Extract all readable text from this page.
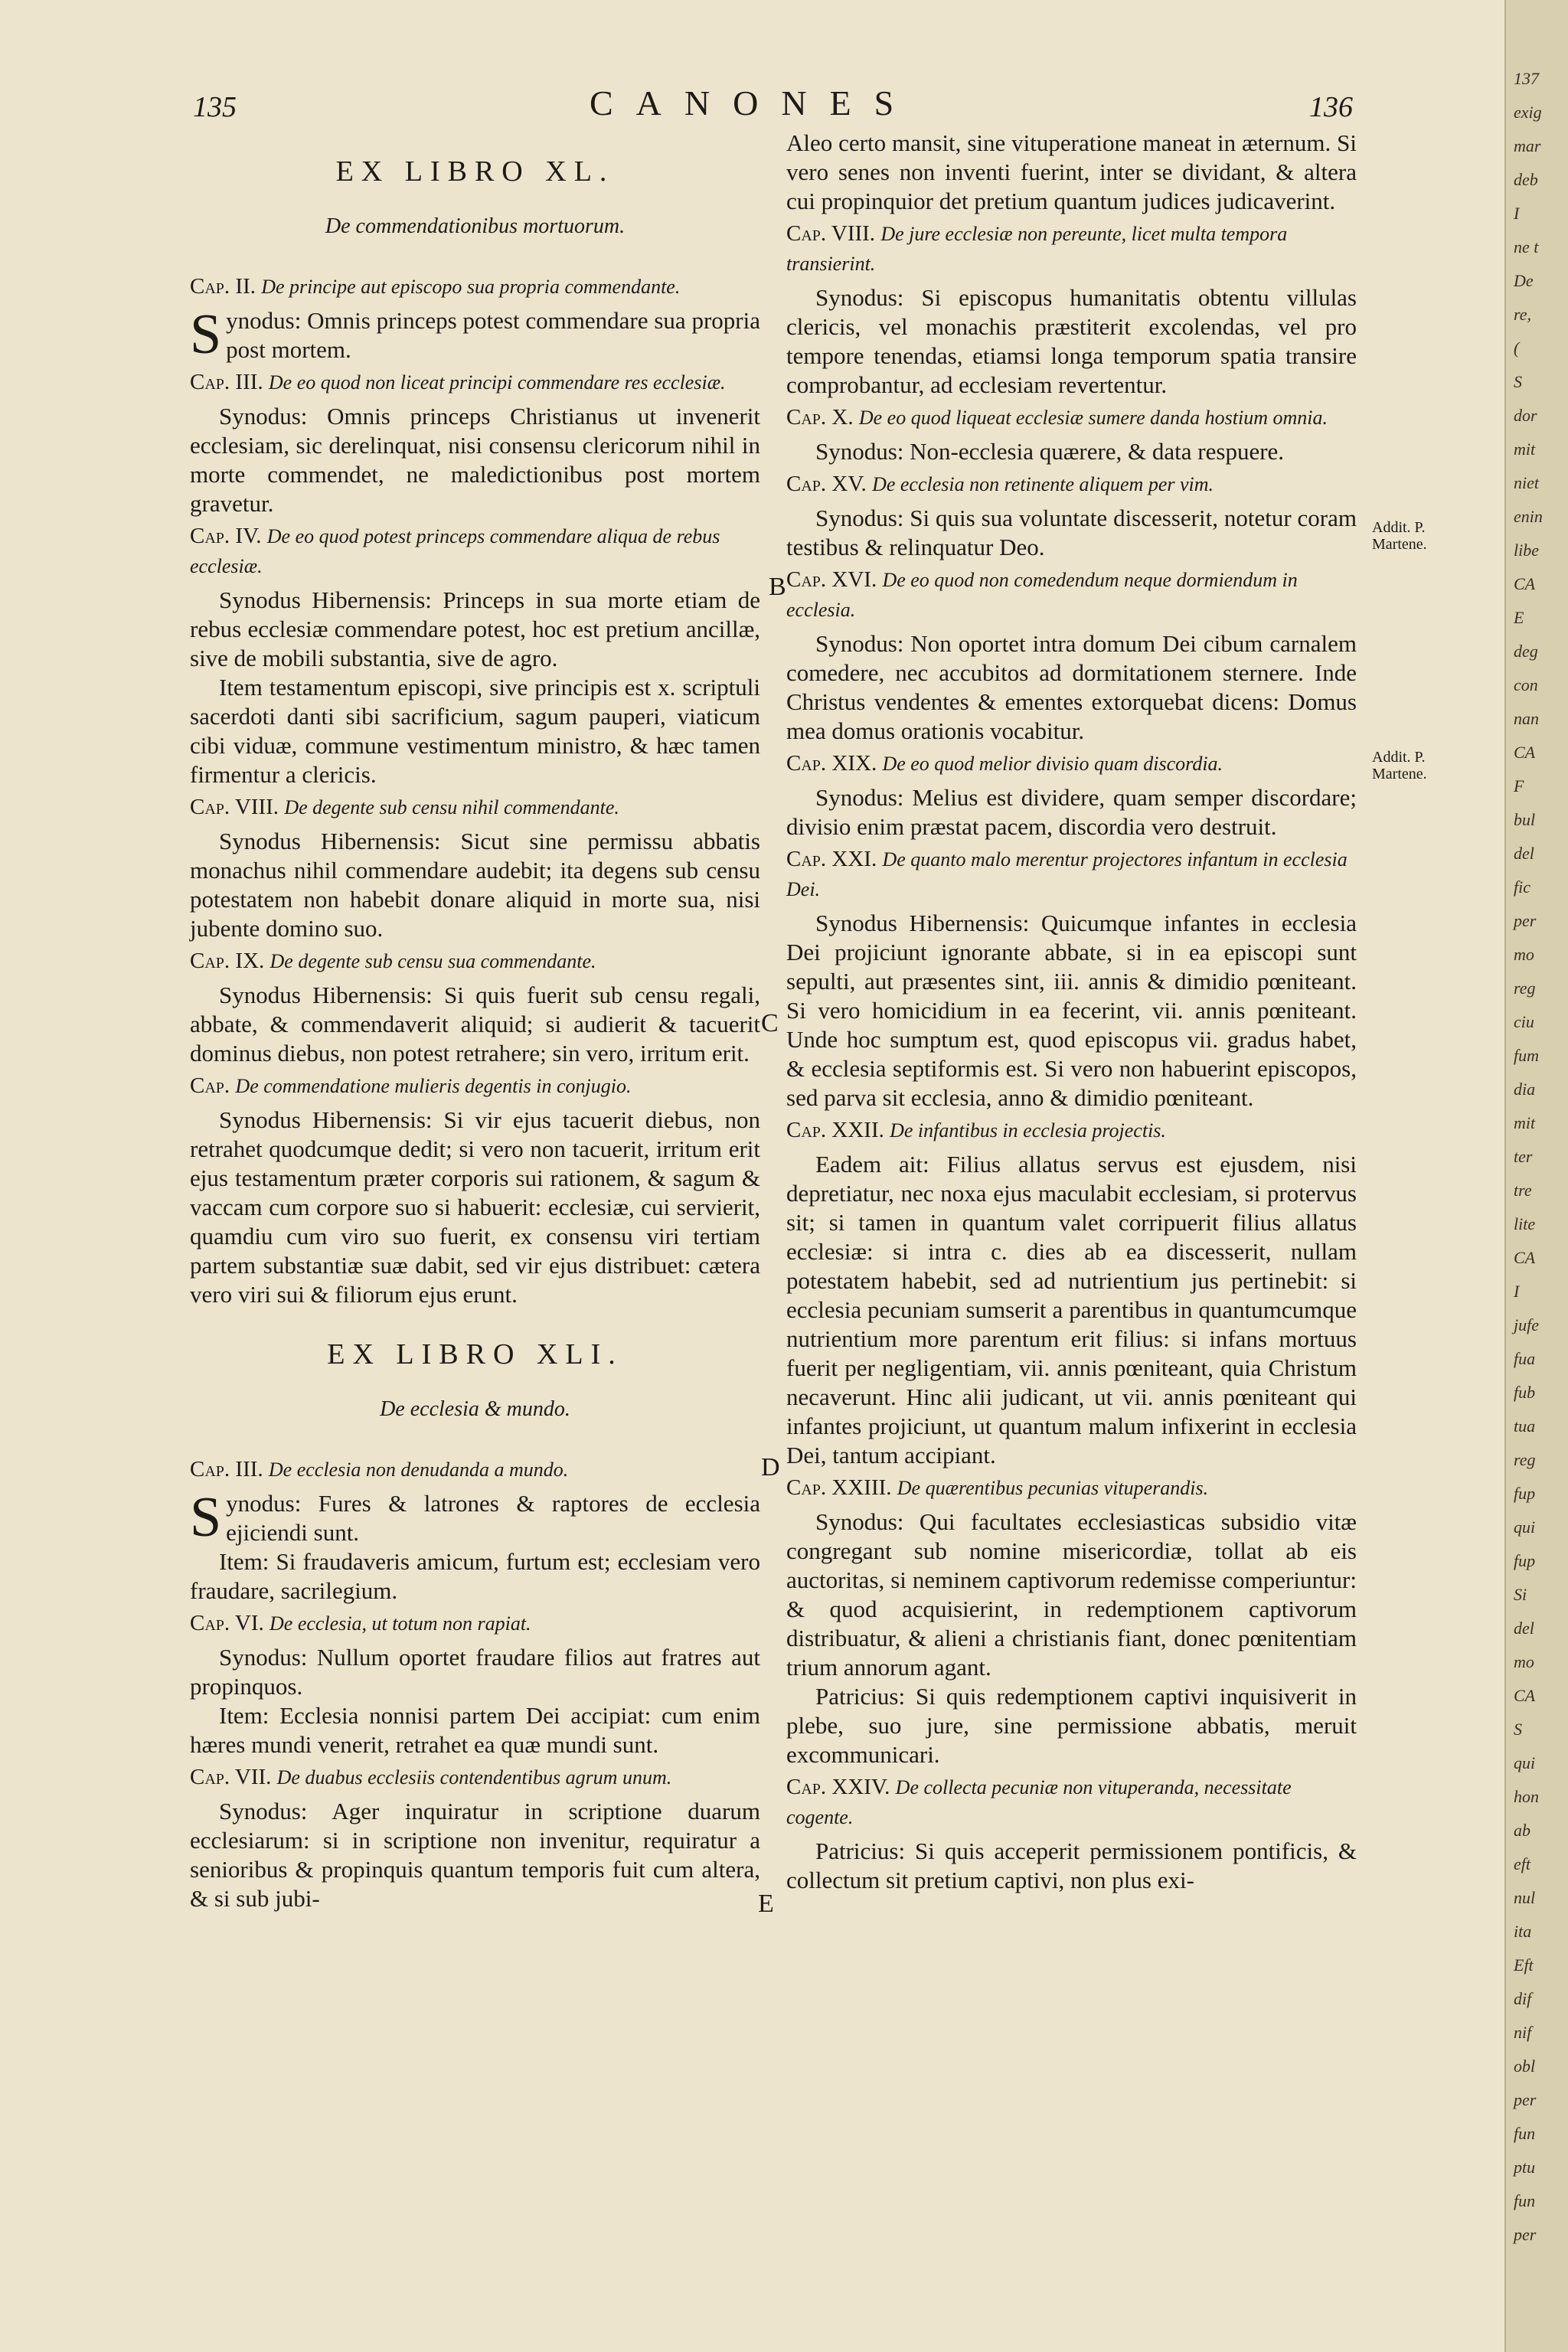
135	CANONES	136
EX LIBRO XL.
De commendationibus mortuorum.
Cap. II. De principe aut episcopo sua propria commendante.

Synodus: Omnis princeps potest commendare sua propria post mortem.

Cap. III. De eo quod non liceat principi commendare res ecclesiæ.

Synodus: Omnis princeps Christianus ut invenerit ecclesiam, sic derelinquat, nisi consensu clericorum nihil in morte commendet, ne maledictionibus post mortem gravetur.

Cap. IV. De eo quod potest princeps commendare aliqua de rebus ecclesiæ.

Synodus Hibernensis: Princeps in sua morte etiam de rebus ecclesiæ commendare potest, hoc est pretium ancillæ, sive de mobili substantia, sive de agro.

Item testamentum episcopi, sive principis est x. scriptuli sacerdoti danti sibi sacrificium, sagum pauperi, viaticum cibi viduæ, commune vestimentum ministro, & hæc tamen firmentur a clericis.

Cap. VIII. De degente sub censu nihil commendante.

Synodus Hibernensis: Sicut sine permissu abbatis monachus nihil commendare audebit; ita degens sub censu potestatem non habebit donare aliquid in morte sua, nisi jubente domino suo.

Cap. IX. De degente sub censu sua commendante.

Synodus Hibernensis: Si quis fuerit sub censu regali, abbate, & commendaverit aliquid; si audierit & tacuerit dominus diebus, non potest retrahere; sin vero, irritum erit.

Cap. De commendatione mulieris degentis in conjugio.

Synodus Hibernensis: Si vir ejus tacuerit diebus, non retrahet quodcumque dedit; si vero non tacuerit, irritum erit ejus testamentum præter corporis sui rationem, & sagum & vaccam cum corpore suo si habuerit: ecclesiæ, cui servierit, quamdiu cum viro suo fuerit, ex consensu viri tertiam partem substantiæ suæ dabit, sed vir ejus distribuet: cætera vero viri sui & filiorum ejus erunt.

EX LIBRO XLI.
De ecclesia & mundo.
Cap. III. De ecclesia non denudanda a mundo.

Synodus: Fures & latrones & raptores de ecclesia ejiciendi sunt.

Item: Si fraudaveris amicum, furtum est; ecclesiam vero fraudare, sacrilegium.

Cap. VI. De ecclesia, ut totum non rapiat.

Synodus: Nullum oportet fraudare filios aut fratres aut propinquos.

Item: Ecclesia nonnisi partem Dei accipiat: cum enim hæres mundi venerit, retrahet ea quæ mundi sunt.

Cap. VII. De duabus ecclesiis contendentibus agrum unum.

Synodus: Ager inquiratur in scriptione duarum ecclesiarum: si in scriptione non invenitur, requiratur a senioribus & propinquis quantum temporis fuit cum altera, & si sub jubi-

Aleo certo mansit, sine vituperatione maneat in æternum. Si vero senes non inventi fuerint, inter se dividant, & altera cui propinquior det pretium quantum judices judicaverint.

Cap. VIII. De jure ecclesiæ non pereunte, licet multa tempora transierint.

Synodus: Si episcopus humanitatis obtentu villulas clericis, vel monachis præstiterit excolendas, vel pro tempore tenendas, etiamsi longa temporum spatia transire comprobantur, ad ecclesiam revertentur.

Cap. X. De eo quod liqueat ecclesiæ sumere danda hostium omnia.

Synodus: Non-ecclesia quærere, & data respuere.

Cap. XV. De ecclesia non retinente aliquem per vim.

Synodus: Si quis sua voluntate discesserit, notetur coram testibus & relinquatur Deo.

Cap. XVI. De eo quod non comedendum neque dormiendum in ecclesia.

Synodus: Non oportet intra domum Dei cibum carnalem comedere, nec accubitos ad dormitationem sternere. Inde Christus vendentes & ementes extorquebat dicens: Domus mea domus orationis vocabitur.

Cap. XIX. De eo quod melior divisio quam discordia.

Synodus: Melius est dividere, quam semper discordare; divisio enim præstat pacem, discordia vero destruit.

Cap. XXI. De quanto malo merentur projectores infantum in ecclesia Dei.

Synodus Hibernensis: Quicumque infantes in ecclesia Dei projiciunt ignorante abbate, si in ea episcopi sunt sepulti, aut præsentes sint, iii. annis & dimidio pœniteant. Si vero homicidium in ea fecerint, vii. annis pœniteant. Unde hoc sumptum est, quod episcopus vii. gradus habet, & ecclesia septiformis est. Si vero non habuerint episcopos, sed parva sit ecclesia, anno & dimidio pœniteant.

Cap. XXII. De infantibus in ecclesia projectis.

Eadem ait: Filius allatus servus est ejusdem, nisi depretiatur, nec noxa ejus maculabit ecclesiam, si protervus sit; si tamen in quantum valet corripuerit filius allatus ecclesiæ: si intra c. dies ab ea discesserit, nullam potestatem habebit, sed ad nutrientium jus pertinebit: si ecclesia pecuniam sumserit a parentibus in quantumcumque nutrientium more parentum erit filius: si infans mortuus fuerit per negligentiam, vii. annis pœniteant, quia Christum necaverunt. Hinc alii judicant, ut vii. annis pœniteant qui infantes projiciunt, ut quantum malum infixerint in ecclesia Dei, tantum accipiant.

Cap. XXIII. De quærentibus pecunias vituperandis.

Synodus: Qui facultates ecclesiasticas subsidio vitæ congregant sub nomine misericordiæ, tollat ab eis auctoritas, si neminem captivorum redemisse comperiuntur: & quod acquisierint, in redemptionem captivorum distribuatur, & alieni a christianis fiant, donec pœnitentiam trium annorum agant.

Patricius: Si quis redemptionem captivi inquisiverit in plebe, suo jure, sine permissione abbatis, meruit excommunicari.

Cap. XXIV. De collecta pecuniæ non vituperanda, necessitate cogente.

Patricius: Si quis acceperit permissionem pontificis, & collectum sit pretium captivi, non plus exi-

B
C
D
E
Addit. P. Martene.
Addit. P. Martene.
137
exig
mar
deb
I
ne t
De
re,
(
S
dor
mit
niet
enin
libe
CA
E
deg
con
nan
CA
F
bul
del
fic
per
mo
reg
ciu
fum
dia
mit
ter
tre
lite
CA
I
jufe
fua
fub
tua
reg
fup
qui
fup
Si
del
mo
CA
S
qui
hon
ab
eft
nul
ita
Eft
dif
nif
obl
per
fun
ptu
fun
per
